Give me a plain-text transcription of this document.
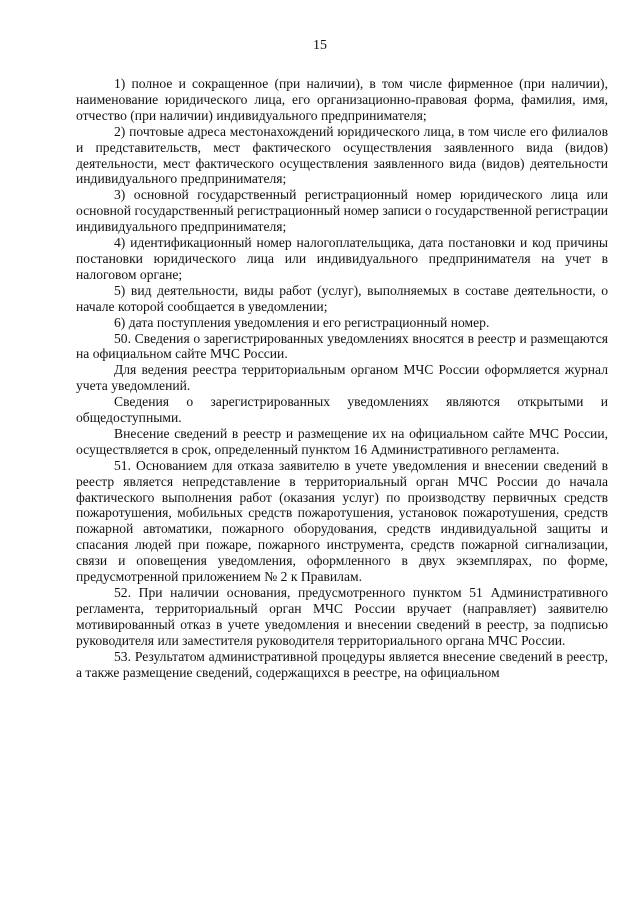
15

1) полное и сокращенное (при наличии), в том числе фирменное (при наличии), наименование юридического лица, его организационно-правовая форма, фамилия, имя, отчество (при наличии) индивидуального предпринимателя;

2) почтовые адреса местонахождений юридического лица, в том числе его филиалов и представительств, мест фактического осуществления заявленного вида (видов) деятельности, мест фактического осуществления заявленного вида (видов) деятельности индивидуального предпринимателя;

3) основной государственный регистрационный номер юридического лица или основной государственный регистрационный номер записи о государственной регистрации индивидуального предпринимателя;

4) идентификационный номер налогоплательщика, дата постановки и код причины постановки юридического лица или индивидуального предпринимателя на учет в налоговом органе;

5) вид деятельности, виды работ (услуг), выполняемых в составе деятельности, о начале которой сообщается в уведомлении;

6) дата поступления уведомления и его регистрационный номер.

50. Сведения о зарегистрированных уведомлениях вносятся в реестр и размещаются на официальном сайте МЧС России.

Для ведения реестра территориальным органом МЧС России оформляется журнал учета уведомлений.

Сведения о зарегистрированных уведомлениях являются открытыми и общедоступными.

Внесение сведений в реестр и размещение их на официальном сайте МЧС России, осуществляется в срок, определенный пунктом 16 Административного регламента.

51. Основанием для отказа заявителю в учете уведомления и внесении сведений в реестр является непредставление в территориальный орган МЧС России до начала фактического выполнения работ (оказания услуг) по производству первичных средств пожаротушения, мобильных средств пожаротушения, установок пожаротушения, средств пожарной автоматики, пожарного оборудования, средств индивидуальной защиты и спасания людей при пожаре, пожарного инструмента, средств пожарной сигнализации, связи и оповещения уведомления, оформленного в двух экземплярах, по форме, предусмотренной приложением № 2 к Правилам.

52. При наличии основания, предусмотренного пунктом 51 Административного регламента, территориальный орган МЧС России вручает (направляет) заявителю мотивированный отказ в учете уведомления и внесении сведений в реестр, за подписью руководителя или заместителя руководителя территориального органа МЧС России.

53. Результатом административной процедуры является внесение сведений в реестр, а также размещение сведений, содержащихся в реестре, на официальном
